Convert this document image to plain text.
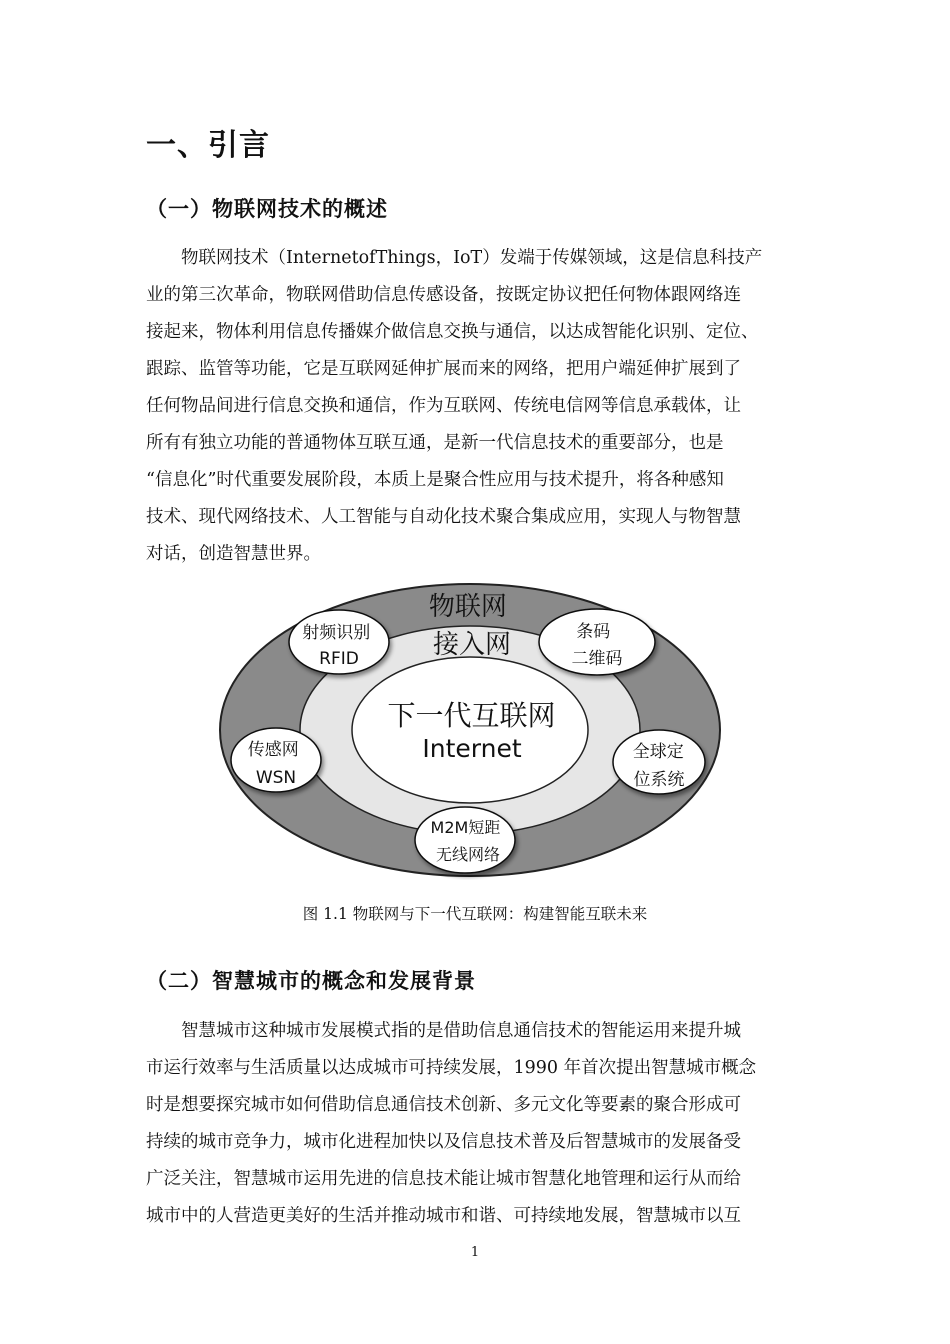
一、引言
（一）物联网技术的概述
物联网技术（InternetofThings，IoT）发端于传媒领域，这是信息科技产
业的第三次革命，物联网借助信息传感设备，按既定协议把任何物体跟网络连
接起来，物体利用信息传播媒介做信息交换与通信，以达成智能化识别、定位、
跟踪、监管等功能，它是互联网延伸扩展而来的网络，把用户端延伸扩展到了
任何物品间进行信息交换和通信，作为互联网、传统电信网等信息承载体，让
所有有独立功能的普通物体互联互通，是新一代信息技术的重要部分，也是
“信息化”时代重要发展阶段，本质上是聚合性应用与技术提升，将各种感知
技术、现代网络技术、人工智能与自动化技术聚合集成应用，实现人与物智慧
对话，创造智慧世界。
物联网 接入网
下一代互联网 Internet
射频识别 RFID
条码 二维码
传感网 WSN
全球定 位系统
M2M短距 无线网络
图 1.1 物联网与下一代互联网：构建智能互联未来
（二）智慧城市的概念和发展背景
智慧城市这种城市发展模式指的是借助信息通信技术的智能运用来提升城
市运行效率与生活质量以达成城市可持续发展，1990 年首次提出智慧城市概念
时是想要探究城市如何借助信息通信技术创新、多元文化等要素的聚合形成可
持续的城市竞争力，城市化进程加快以及信息技术普及后智慧城市的发展备受
广泛关注，智慧城市运用先进的信息技术能让城市智慧化地管理和运行从而给
城市中的人营造更美好的生活并推动城市和谐、可持续地发展，智慧城市以互
1
